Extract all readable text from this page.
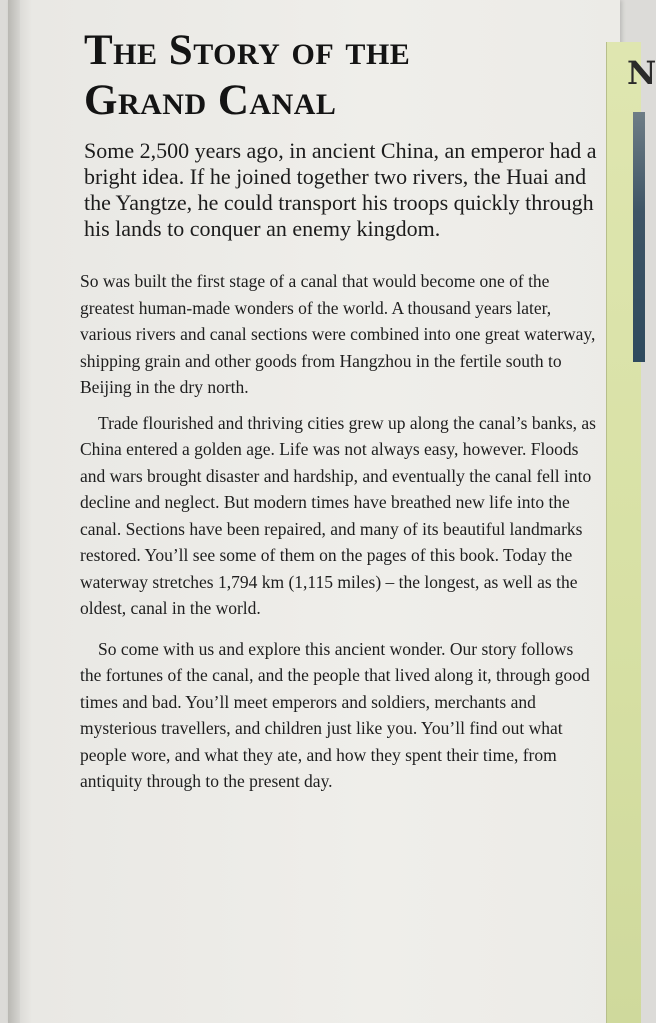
N
The Story of the
Grand Canal

Some 2,500 years ago, in ancient China, an emperor had a bright idea. If he joined together two rivers, the Huai and the Yangtze, he could transport his troops quickly through his lands to conquer an enemy kingdom.

So was built the first stage of a canal that would become one of the greatest human-made wonders of the world. A thousand years later, various rivers and canal sections were combined into one great waterway, shipping grain and other goods from Hangzhou in the fertile south to Beijing in the dry north.

Trade flourished and thriving cities grew up along the canal’s banks, as China entered a golden age. Life was not always easy, however. Floods and wars brought disaster and hardship, and eventually the canal fell into decline and neglect. But modern times have breathed new life into the canal. Sections have been repaired, and many of its beautiful landmarks restored. You’ll see some of them on the pages of this book. Today the waterway stretches 1,794 km (1,115 miles) – the longest, as well as the oldest, canal in the world.

So come with us and explore this ancient wonder. Our story follows the fortunes of the canal, and the people that lived along it, through good times and bad. You’ll meet emperors and soldiers, merchants and mysterious travellers, and children just like you. You’ll find out what people wore, and what they ate, and how they spent their time, from antiquity through to the present day.
